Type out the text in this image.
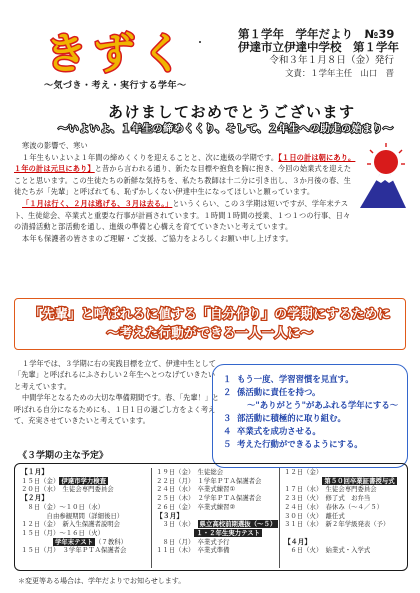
きずく
〜気づき・考え・実行する学年〜
第１学年　学年だより　№39
伊達市立伊達中学校　第１学年
令和３年１月８日（金）発行
文責：１学年主任　山口　晋
あけましておめでとうございます
〜いよいよ、１年生の締めくくり、そして、２年生への助走の始まり〜

寒波の影響で、寒い

１年生もいよいよ１年間の締めくくりを迎えることと、次に進級の学期です。【１日の計は朝にあり。１年の計は元旦にあり】と昔から言われる通り、新たな目標や抱負を胸に抱き、今回の始業式を迎えたことと思います。この生徒たちの新鮮な気持ちを、私たち教師は十二分に引き出し、３か月後の春、生徒たちが「先輩」と呼ばれても、恥ずかしくない伊達中生になってほしいと願っています。

「１月は行く、２月は逃げる、３月は去る。」というくらい、この３学期は短いですが、学年末テスト、生徒総会、卒業式と重要な行事が計画されています。１時間１時間の授業、１つ１つの行事、日々の清掃活動と部活動を通し、進級の準備と心構えを育てていきたいと考えています。

本年も保護者の皆さまのご理解・ご支援、ご協力をよろしくお願い申し上げます。

「先輩」と呼ばれるに値する「自分作り」の学期にするために
〜考えた行動ができる一人一人に〜

１学年では、３学期に右の実践目標を立て、伊達中生として「先輩」と呼ばれるにふさわしい２年生へとつなげていきたいと考えています。

中間学年となるための大切な準備期間です。春、「先輩！」と呼ばれる自分になるためにも、１日１日の過ごし方をよく考えて、充実させていきたいと考えています。

１ もう一度、学習習慣を見直す。
２ 係活動に責任を持つ。
〜"ありがとう"があふれる学年にする〜
３ 部活動に積極的に取り組む。
４ 卒業式を成功させる。
５ 考えた行動ができるようにする。
《３学期の主な予定》
【１月】
１５日（金） 伊達市学力検査
２０日（水）　生徒会専門委員会
【２月】
　８日（金）〜１０日（水）
　　　　自由参観期間（詳細後日）
１２日（金）　新入生保護者説明会
１５日（月）〜１６日（火）
　　　　　学年末テスト （７教科）
１５日（月）　３学年ＰＴＡ保護者会
１９日（金）　生徒総会
２２日（月）　１学年ＰＴＡ保護者会
２４日（水）　卒業式練習①
２５日（木）　２学年ＰＴＡ保護者会
２６日（金）　卒業式練習②
【３月】
　３日（水）　県立高校前期選抜（〜５）
　　　　　　１・２年生実力テスト
　８日（月）　卒業式予行
１１日（木）　卒業式準備
１２日（金）
　　　　　　第５０回卒業証書授与式
１７日（水）　生徒会専門委員会
２３日（火）　修了式　お弁当
２４日（水）　春休み（〜４／５）
３０日（火）　離任式
３１日（水）　新２年学級発表（予）

【４月】
　６日（火）　始業式・入学式
＊変更等ある場合は、学年だよりでお知らせします。
